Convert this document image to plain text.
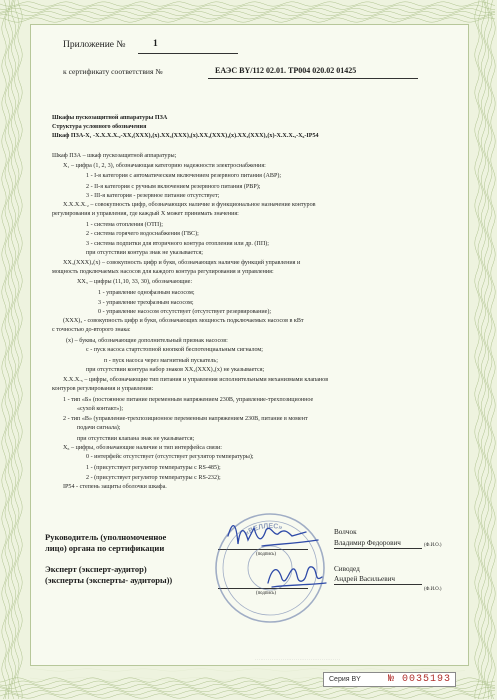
Приложение №	1
к сертификату соответствия №	ЕАЭС BY/112 02.01. ТР004 020.02 01425
Шкафы пускозащитной аппаратуры ПЗА
Структура условного обозначения
Шкаф ПЗА-X₁ -X.X.X.X.₂-XX₃(XXX)₃(x).XX₃(XXX)₃(x).XX₃(XXX)₃(x).XX₃(XXX)₃(x)-X.X.X.₅-X₆-IP54
Шкаф ПЗА – шкаф пускозащитной аппаратуры;
X₁ – цифра (1, 2, 3), обозначающая категорию надежности электроснабжения:
1 - I-я категория с автоматическим включением резервного питания (АВР);
2 - II-я категория с ручным включением резервного питания (РВР);
3 - III-я категория - резервное питание отсутствует;
X.X.X.X.₂ – совокупность цифр, обозначающих наличие и функциональное назначение контуров
регулирования и управления, где каждый X может принимать значения:
1 - система отопления (ОТП);
2 - система горячего водоснабжения (ГВС);
3 - система подпитки для вторичного контура отопления или др. (ПП);
при отсутствии контура знак не указывается;
XX₃(XXX)₃(x) – совокупность цифр и букв, обозначающих наличие функций управления и
мощность подключаемых насосов для каждого контура регулирования и управления:
XX₃ – цифры (11,10, 33, 30), обозначающие:
1 - управление однофазным насосом;
3 - управление трехфазным насосом;
0 - управление насосом отсутствует (отсутствует резервирование);
(XXX)₃ - совокупность цифр и букв, обозначающих мощность подключаемых насосов в кВт
с точностью до-второго знака:
(x) – буквы, обозначающие дополнительный признак насосов:
с - пуск насоса стартстопной кнопкой беспотенциальным сигналом;
п - пуск насоса через магнитный пускатель;
при отсутствии контура набор знаков XX₃(XXX)₃(x) не указывается;
X.X.X.₅ – цифры, обозначающие тип питания и управления исполнительными механизмами клапанов
контуров регулирования и управления:
1 - тип «Б» (постоянное питание переменным напряжением 230В, управление-трехпозиционное
«сухой контакт»);
2 - тип «В» (управление-трехпозиционное переменным напряжением 230В, питание в момент
подачи сигнала);
при отсутствии клапана знак не указывается;
X₆ – цифры, обозначающие наличие и тип интерфейса связи:
0 - интерфейс отсутствует (отсутствует регулятор температуры);
1 - (присутствует регулятор температуры с RS-485);
2 - (присутствует регулятор температуры с RS-232);
IP54 - степень защиты оболочки шкафа.
Руководитель (уполномоченное
лицо) органа по сертификации
(подпись)
Волчок
Владимир Федорович	(Ф.И.О.)
Эксперт (эксперт-аудитор)
(эксперты (эксперты- аудиторы))
(подпись)
Сиводед
Андрей Васильевич
(Ф.И.О.)
«ВЕЛЛЕС»
· · · · · · · · · · · · · · · · · · · · · · · · · · · · · · · · · · · · · · · · · · · · · ·
Серия BY	№ 0035193
